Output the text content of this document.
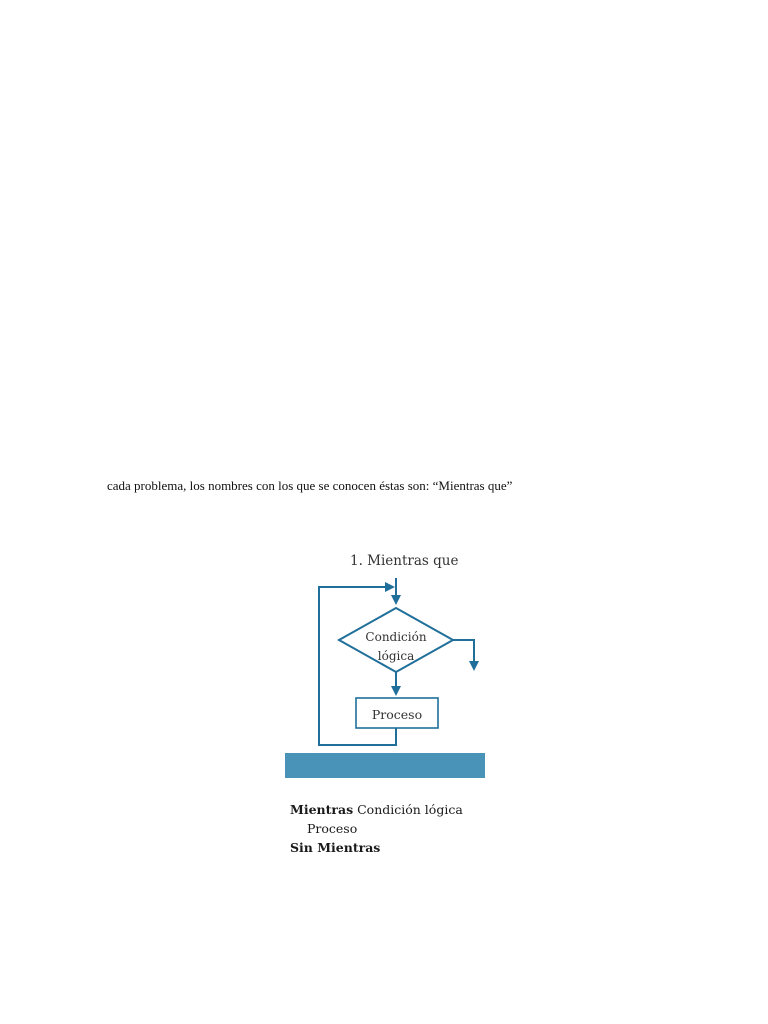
cada problema, los nombres con los que se conocen éstas son: “Mientras que”
1. Mientras que
Condición
lógica
Proceso
Mientras Condición lógica
Proceso
Sin Mientras
